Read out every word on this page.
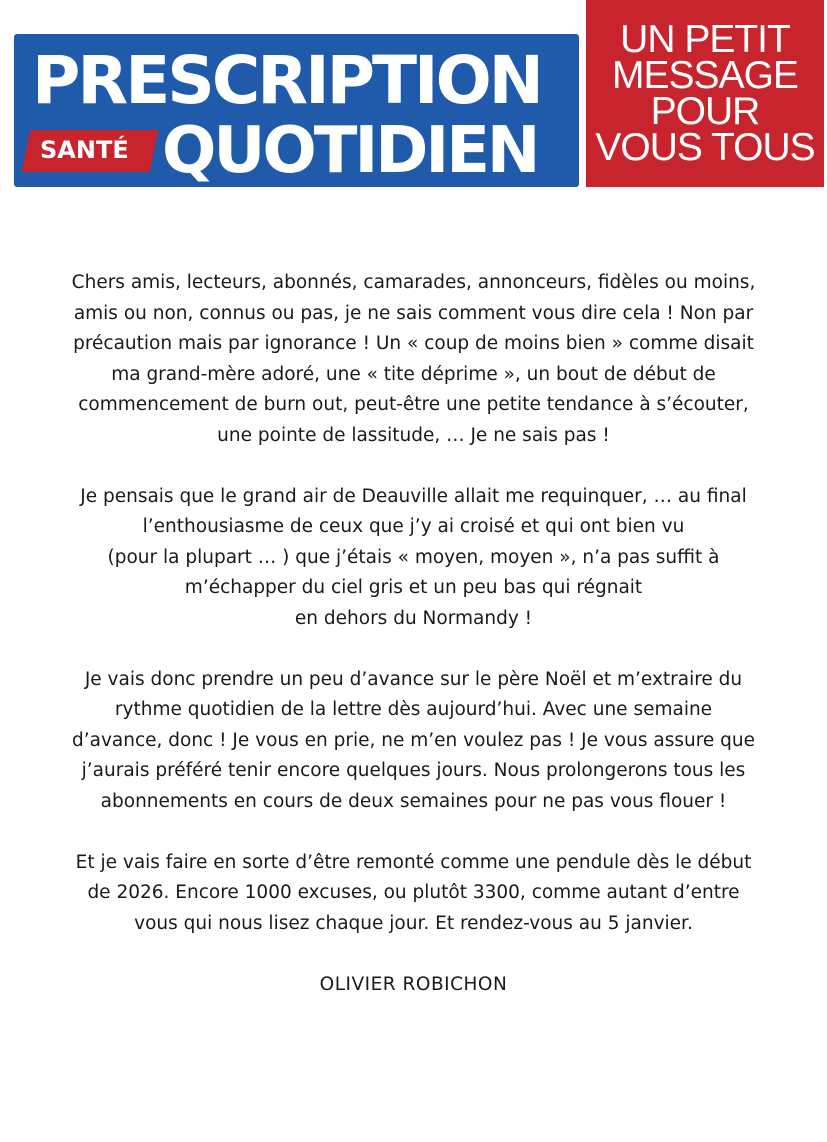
PRESCRIPTION
SANTÉ QUOTIDIEN
UN PETIT
MESSAGE
POUR
VOUS TOUS

Chers amis, lecteurs, abonnés, camarades, annonceurs, fidèles ou moins,
amis ou non, connus ou pas, je ne sais comment vous dire cela ! Non par
précaution mais par ignorance ! Un « coup de moins bien » comme disait
ma grand-mère adoré, une « tite déprime », un bout de début de
commencement de burn out, peut-être une petite tendance à s’écouter,
une pointe de lassitude, … Je ne sais pas !

Je pensais que le grand air de Deauville allait me requinquer, … au final
l’enthousiasme de ceux que j’y ai croisé et qui ont bien vu
(pour la plupart … ) que j’étais « moyen, moyen », n’a pas suffit à
m’échapper du ciel gris et un peu bas qui régnait
en dehors du Normandy !

Je vais donc prendre un peu d’avance sur le père Noël et m’extraire du
rythme quotidien de la lettre dès aujourd’hui. Avec une semaine
d’avance, donc ! Je vous en prie, ne m’en voulez pas ! Je vous assure que
j’aurais préféré tenir encore quelques jours. Nous prolongerons tous les
abonnements en cours de deux semaines pour ne pas vous flouer !

Et je vais faire en sorte d’être remonté comme une pendule dès le début
de 2026. Encore 1000 excuses, ou plutôt 3300, comme autant d’entre
vous qui nous lisez chaque jour. Et rendez-vous au 5 janvier.

OLIVIER ROBICHON
